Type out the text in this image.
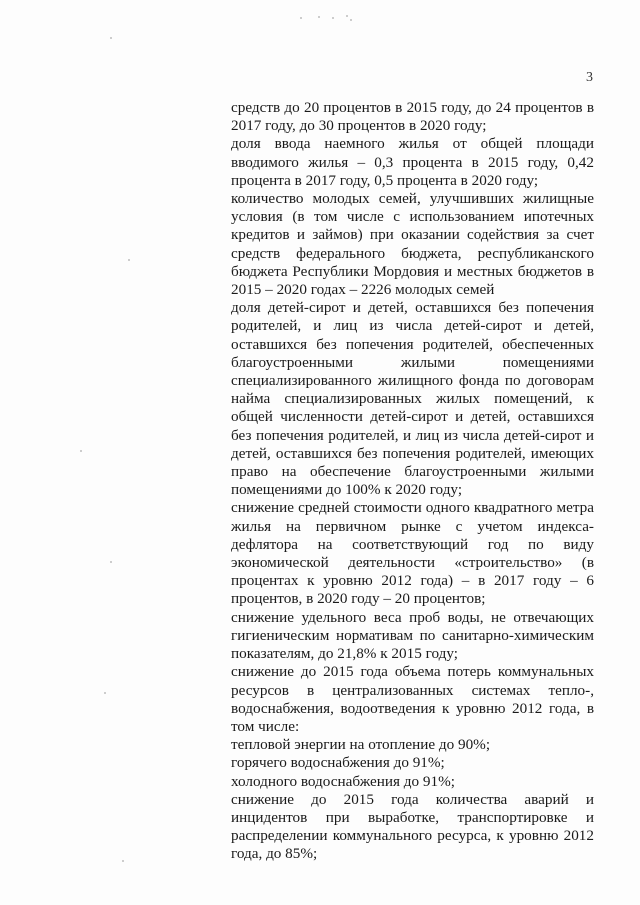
3

средств до 20 процентов в 2015 году, до 24 процентов в 2017 году, до 30 процентов в 2020 году;

доля ввода наемного жилья от общей площади вводимого жилья – 0,3 процента в 2015 году, 0,42 процента в 2017 году, 0,5 процента в 2020 году;

количество молодых семей, улучшивших жилищные условия (в том числе с использованием ипотечных кредитов и займов) при оказании содействия за счет средств федерального бюджета, республиканского бюджета Республики Мордовия и местных бюджетов в 2015 – 2020 годах – 2226 молодых семей

доля детей-сирот и детей, оставшихся без попечения родителей, и лиц из числа детей-сирот и детей, оставшихся без попечения родителей, обеспеченных благоустроенными жилыми помещениями специализированного жилищного фонда по договорам найма специализированных жилых помещений, к общей численности детей-сирот и детей, оставшихся без попечения родителей, и лиц из числа детей-сирот и детей, оставшихся без попечения родителей, имеющих право на обеспечение благоустроенными жилыми помещениями до 100% к 2020 году;

снижение средней стоимости одного квадратного метра жилья на первичном рынке с учетом индекса-дефлятора на соответствующий год по виду экономической деятельности «строительство» (в процентах к уровню 2012 года) – в 2017 году – 6 процентов, в 2020 году – 20 процентов;

снижение удельного веса проб воды, не отвечающих гигиеническим нормативам по санитарно-химическим показателям, до 21,8% к 2015 году;

снижение до 2015 года объема потерь коммунальных ресурсов в централизованных системах тепло-, водоснабжения, водоотведения к уровню 2012 года, в том числе:

тепловой энергии на отопление до 90%;

горячего водоснабжения до 91%;

холодного водоснабжения до 91%;

снижение до 2015 года количества аварий и инцидентов при выработке, транспортировке и распределении коммунального ресурса, к уровню 2012 года, до 85%;
